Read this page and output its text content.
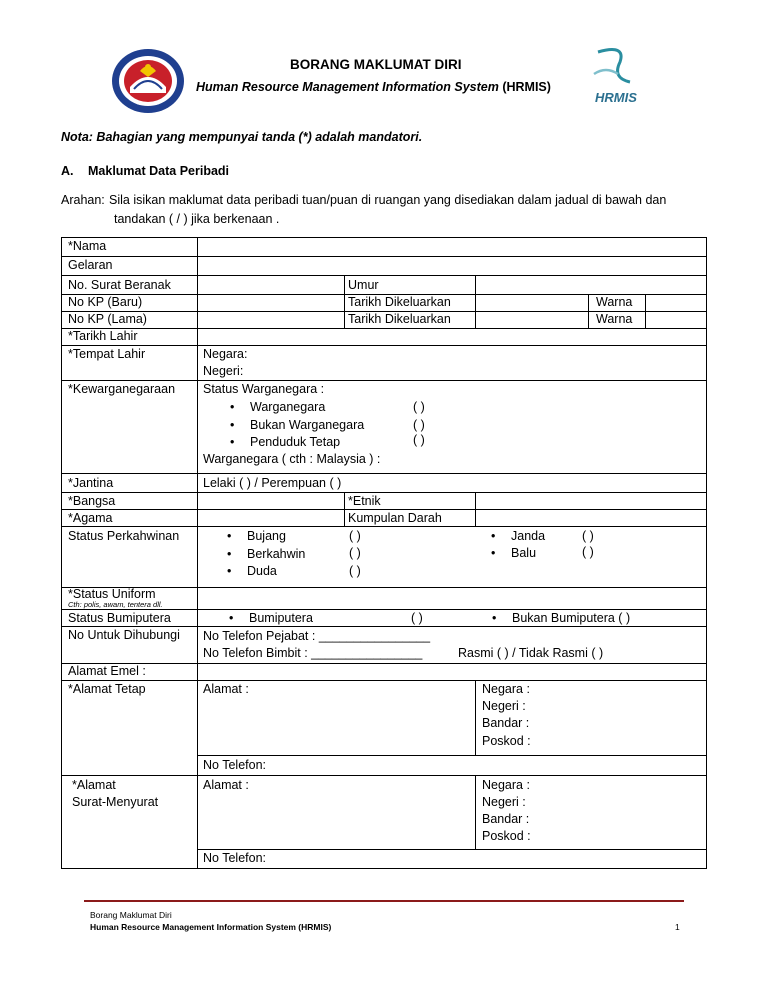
BORANG MAKLUMAT DIRI
Human Resource Management Information System (HRMIS)
HRMIS
Nota: Bahagian yang mempunyai tanda (*) adalah mandatori.
A. Maklumat Data Peribadi
Arahan: Sila isikan maklumat data peribadi tuan/puan di ruangan yang disediakan dalam jadual di bawah dan
tandakan ( / ) jika berkenaan .
*Nama
Gelaran
No. Surat Beranak
No KP (Baru)
No KP (Lama)
*Tarikh Lahir
*Tempat Lahir
*Kewarganegaraan
*Jantina
*Bangsa
*Agama
Status Perkahwinan
*Status Uniform
Cth: polis, awam, tentera dll.
Status Bumiputera
No Untuk Dihubungi
Alamat Emel :
*Alamat Tetap
*Alamat
Surat-Menyurat
Umur
Tarikh Dikeluarkan
Tarikh Dikeluarkan
Warna
Warna
Negara:
Negeri:
Status Warganegara :
• Warganegara
• Bukan Warganegara
• Penduduk Tetap
( )
( )
( )
Warganegara ( cth : Malaysia ) :
Lelaki ( ) / Perempuan ( )
*Etnik
Kumpulan Darah
• Bujang
• Berkahwin
• Duda
( )
( )
( )
• Janda
• Balu
( )
( )
• Bumiputera	( )
•	Bukan Bumiputera ( )
No Telefon Pejabat : ________________
No Telefon Bimbit : ________________	Rasmi ( ) / Tidak Rasmi ( )
Alamat :	Negara :
Negeri :
Bandar :
Poskod :
No Telefon:
Alamat :	Negara :
Negeri :
Bandar :
Poskod :
No Telefon:
Borang Maklumat Diri
Human Resource Management Information System (HRMIS)	1
